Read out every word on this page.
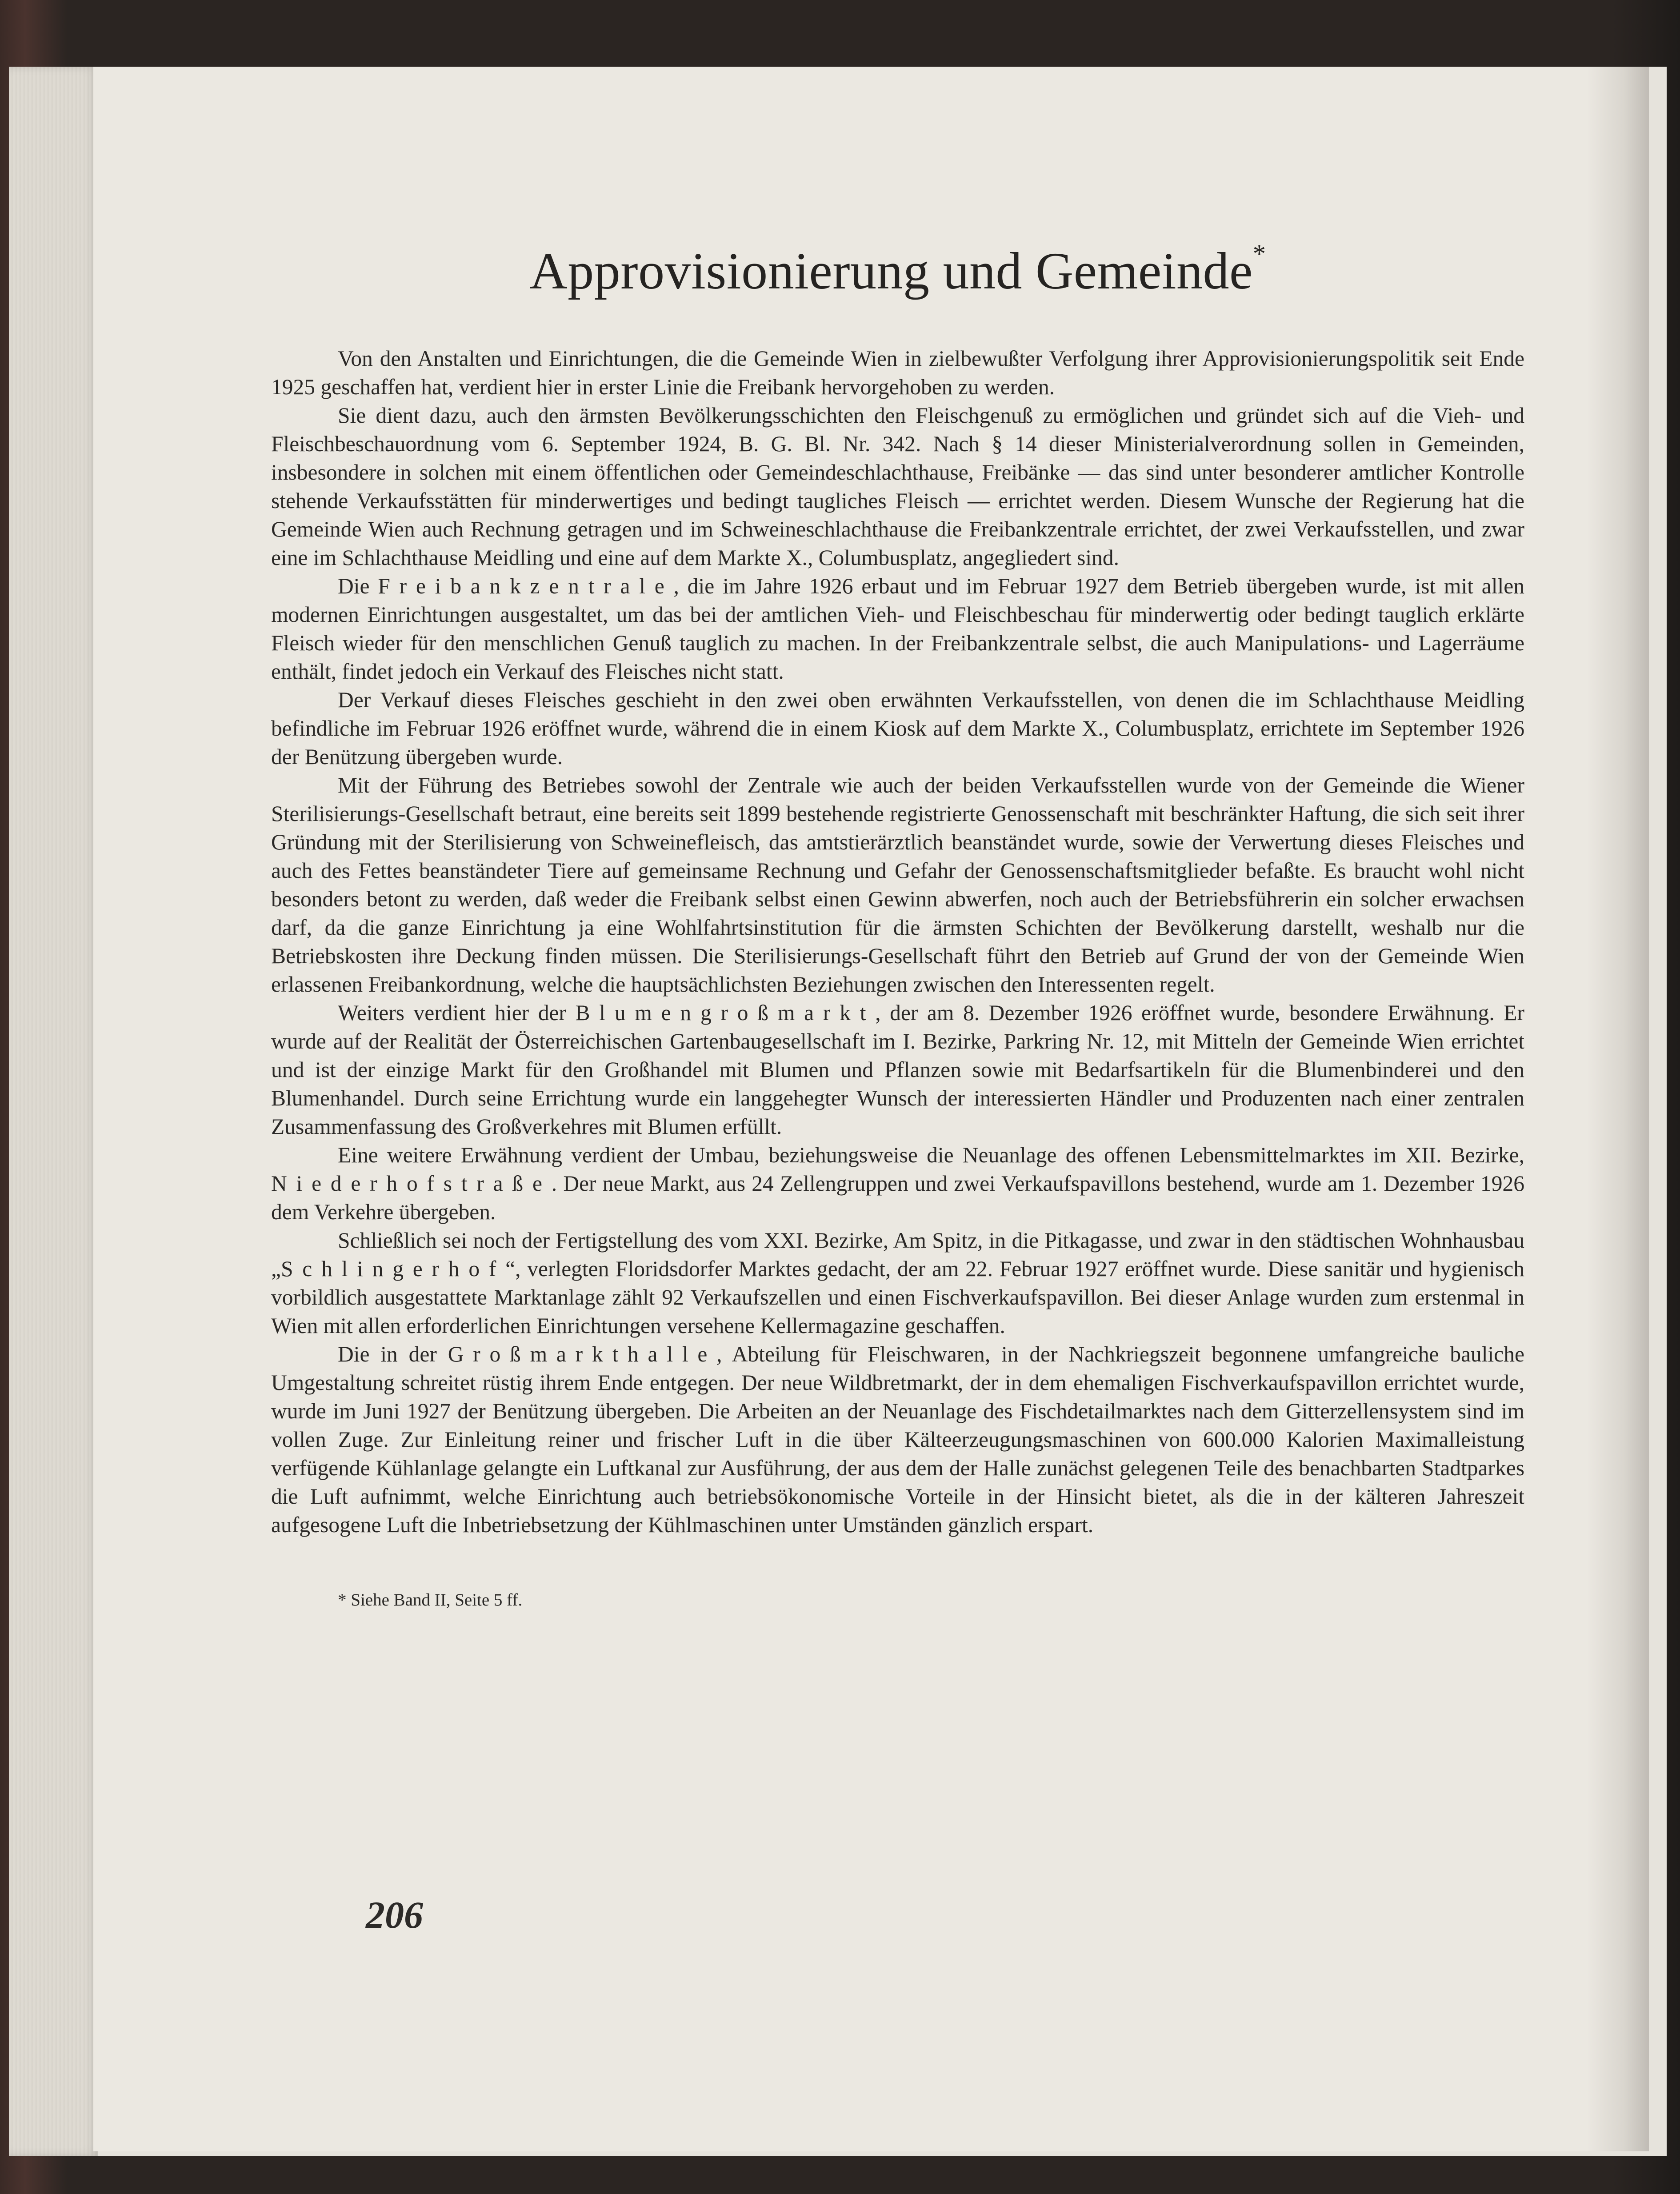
Approvisionierung und Gemeinde*

Von den Anstalten und Einrichtungen, die die Gemeinde Wien in zielbewußter Verfolgung ihrer Approvisionierungspolitik seit Ende 1925 geschaffen hat, verdient hier in erster Linie die Freibank hervorgehoben zu werden.

Sie dient dazu, auch den ärmsten Bevölkerungsschichten den Fleischgenuß zu ermöglichen und gründet sich auf die Vieh- und Fleischbeschauordnung vom 6. September 1924, B. G. Bl. Nr. 342. Nach § 14 dieser Ministerialverordnung sollen in Gemeinden, insbesondere in solchen mit einem öffentlichen oder Gemeindeschlachthause, Freibänke — das sind unter besonderer amtlicher Kontrolle stehende Verkaufsstätten für minderwertiges und bedingt taugliches Fleisch — errichtet werden. Diesem Wunsche der Regierung hat die Gemeinde Wien auch Rechnung getragen und im Schweineschlachthause die Freibankzentrale errichtet, der zwei Verkaufsstellen, und zwar eine im Schlachthause Meidling und eine auf dem Markte X., Columbusplatz, angegliedert sind.

Die Freibankzentrale, die im Jahre 1926 erbaut und im Februar 1927 dem Betrieb übergeben wurde, ist mit allen modernen Einrichtungen ausgestaltet, um das bei der amtlichen Vieh- und Fleischbeschau für minderwertig oder bedingt tauglich erklärte Fleisch wieder für den menschlichen Genuß tauglich zu machen. In der Freibankzentrale selbst, die auch Manipulations- und Lagerräume enthält, findet jedoch ein Verkauf des Fleisches nicht statt.

Der Verkauf dieses Fleisches geschieht in den zwei oben erwähnten Verkaufsstellen, von denen die im Schlachthause Meidling befindliche im Februar 1926 eröffnet wurde, während die in einem Kiosk auf dem Markte X., Columbusplatz, errichtete im September 1926 der Benützung übergeben wurde.

Mit der Führung des Betriebes sowohl der Zentrale wie auch der beiden Verkaufsstellen wurde von der Gemeinde die Wiener Sterilisierungs-Gesellschaft betraut, eine bereits seit 1899 bestehende registrierte Genossenschaft mit beschränkter Haftung, die sich seit ihrer Gründung mit der Sterilisierung von Schweinefleisch, das amtstierärztlich beanständet wurde, sowie der Verwertung dieses Fleisches und auch des Fettes beanständeter Tiere auf gemeinsame Rechnung und Gefahr der Genossenschaftsmitglieder befaßte. Es braucht wohl nicht besonders betont zu werden, daß weder die Freibank selbst einen Gewinn abwerfen, noch auch der Betriebsführerin ein solcher erwachsen darf, da die ganze Einrichtung ja eine Wohlfahrtsinstitution für die ärmsten Schichten der Bevölkerung darstellt, weshalb nur die Betriebskosten ihre Deckung finden müssen. Die Sterilisierungs-Gesellschaft führt den Betrieb auf Grund der von der Gemeinde Wien erlassenen Freibankordnung, welche die hauptsächlichsten Beziehungen zwischen den Interessenten regelt.

Weiters verdient hier der Blumengroßmarkt, der am 8. Dezember 1926 eröffnet wurde, besondere Erwähnung. Er wurde auf der Realität der Österreichischen Gartenbaugesellschaft im I. Bezirke, Parkring Nr. 12, mit Mitteln der Gemeinde Wien errichtet und ist der einzige Markt für den Großhandel mit Blumen und Pflanzen sowie mit Bedarfsartikeln für die Blumenbinderei und den Blumenhandel. Durch seine Errichtung wurde ein langgehegter Wunsch der interessierten Händler und Produzenten nach einer zentralen Zusammenfassung des Großverkehres mit Blumen erfüllt.

Eine weitere Erwähnung verdient der Umbau, beziehungsweise die Neuanlage des offenen Lebensmittelmarktes im XII. Bezirke, Niederhofstraße. Der neue Markt, aus 24 Zellengruppen und zwei Verkaufspavillons bestehend, wurde am 1. Dezember 1926 dem Verkehre übergeben.

Schließlich sei noch der Fertigstellung des vom XXI. Bezirke, Am Spitz, in die Pitkagasse, und zwar in den städtischen Wohnhausbau „Schlingerhof“, verlegten Floridsdorfer Marktes gedacht, der am 22. Februar 1927 eröffnet wurde. Diese sanitär und hygienisch vorbildlich ausgestattete Marktanlage zählt 92 Verkaufszellen und einen Fischverkaufspavillon. Bei dieser Anlage wurden zum erstenmal in Wien mit allen erforderlichen Einrichtungen versehene Kellermagazine geschaffen.

Die in der Großmarkthalle, Abteilung für Fleischwaren, in der Nachkriegszeit begonnene umfangreiche bauliche Umgestaltung schreitet rüstig ihrem Ende entgegen. Der neue Wildbretmarkt, der in dem ehemaligen Fischverkaufspavillon errichtet wurde, wurde im Juni 1927 der Benützung übergeben. Die Arbeiten an der Neuanlage des Fischdetailmarktes nach dem Gitterzellensystem sind im vollen Zuge. Zur Einleitung reiner und frischer Luft in die über Kälteerzeugungsmaschinen von 600.000 Kalorien Maximalleistung verfügende Kühlanlage gelangte ein Luftkanal zur Ausführung, der aus dem der Halle zunächst gelegenen Teile des benachbarten Stadtparkes die Luft aufnimmt, welche Einrichtung auch betriebsökonomische Vorteile in der Hinsicht bietet, als die in der kälteren Jahreszeit aufgesogene Luft die Inbetriebsetzung der Kühlmaschinen unter Umständen gänzlich erspart.

* Siehe Band II, Seite 5 ff.
206
